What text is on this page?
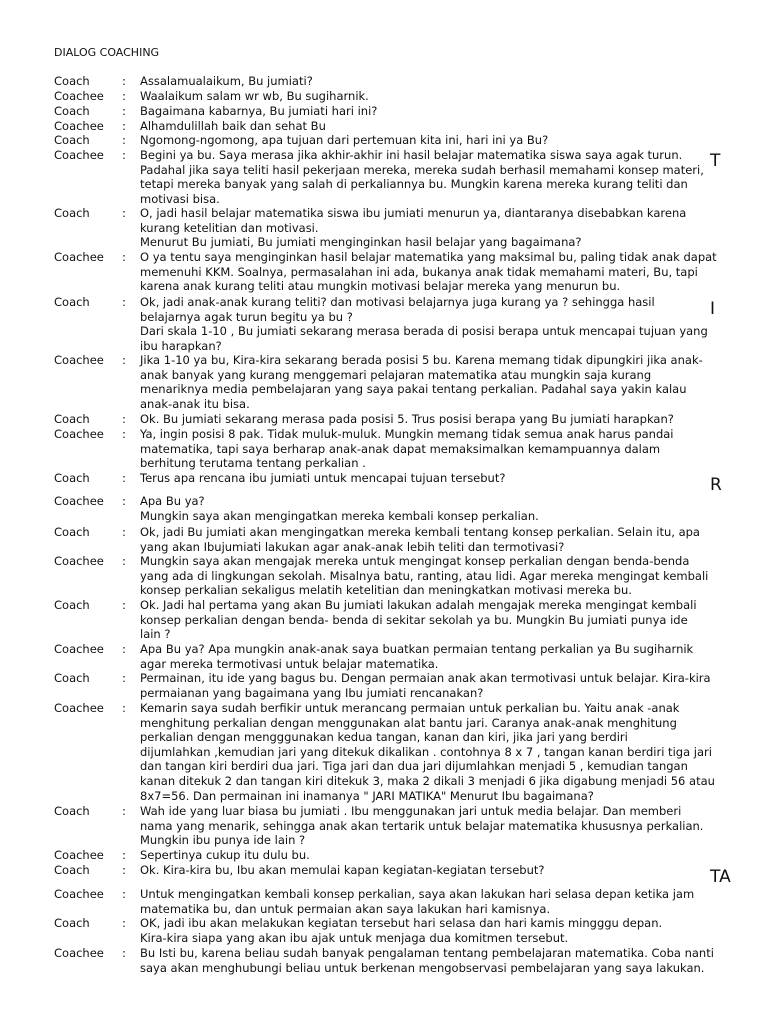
DIALOG COACHING
Coach	:	Assalamualaikum, Bu jumiati?
Coachee	:	Waalaikum salam wr wb, Bu sugiharnik.
Coach	:	Bagaimana kabarnya, Bu jumiati hari ini?
Coachee	:	Alhamdulillah baik dan sehat Bu
Coach	:	Ngomong-ngomong, apa tujuan dari pertemuan kita ini, hari ini ya Bu?
Coachee	:	Begini ya bu. Saya merasa jika akhir-akhir ini hasil belajar matematika siswa saya agak turun.
Padahal jika saya teliti hasil pekerjaan mereka, mereka sudah berhasil memahami konsep materi,
tetapi mereka banyak yang salah di perkaliannya bu. Mungkin karena mereka kurang teliti dan
motivasi bisa.
Coach	:	O, jadi hasil belajar matematika siswa ibu jumiati menurun ya, diantaranya disebabkan karena
kurang ketelitian dan motivasi.
Menurut Bu jumiati, Bu jumiati menginginkan hasil belajar yang bagaimana?
Coachee	:	O ya tentu saya menginginkan hasil belajar matematika yang maksimal bu, paling tidak anak dapat
memenuhi KKM. Soalnya, permasalahan ini ada, bukanya anak tidak memahami materi, Bu, tapi
karena anak kurang teliti atau mungkin motivasi belajar mereka yang menurun bu.
Coach	:	Ok, jadi anak-anak kurang teliti? dan motivasi belajarnya juga kurang ya ? sehingga hasil
belajarnya agak turun begitu ya bu ?
Dari skala 1-10 , Bu jumiati sekarang merasa berada di posisi berapa untuk mencapai tujuan yang
ibu harapkan?
Coachee	:	Jika 1-10 ya bu, Kira-kira sekarang berada posisi 5 bu. Karena memang tidak dipungkiri jika anak-
anak banyak yang kurang menggemari pelajaran matematika atau mungkin saja kurang
menariknya media pembelajaran yang saya pakai tentang perkalian. Padahal saya yakin kalau
anak-anak itu bisa.
Coach	:	Ok. Bu jumiati sekarang merasa pada posisi 5. Trus posisi berapa yang Bu jumiati harapkan?
Coachee	:	Ya, ingin posisi 8 pak. Tidak muluk-muluk. Mungkin memang tidak semua anak harus pandai
matematika, tapi saya berharap anak-anak dapat memaksimalkan kemampuannya dalam
berhitung terutama tentang perkalian .
Coach	:	Terus apa rencana ibu jumiati untuk mencapai tujuan tersebut?
Coachee	:	Apa Bu ya?
Mungkin saya akan mengingatkan mereka kembali konsep perkalian.
Coach	:	Ok, jadi Bu jumiati akan mengingatkan mereka kembali tentang konsep perkalian. Selain itu, apa
yang akan Ibujumiati lakukan agar anak-anak lebih teliti dan termotivasi?
Coachee	:	Mungkin saya akan mengajak mereka untuk mengingat konsep perkalian dengan benda-benda
yang ada di lingkungan sekolah. Misalnya batu, ranting, atau lidi. Agar mereka mengingat kembali
konsep perkalian sekaligus melatih ketelitian dan meningkatkan motivasi mereka bu.
Coach	:	Ok. Jadi hal pertama yang akan Bu jumiati lakukan adalah mengajak mereka mengingat kembali
konsep perkalian dengan benda- benda di sekitar sekolah ya bu. Mungkin Bu jumiati punya ide
lain ?
Coachee	:	Apa Bu ya? Apa mungkin anak-anak saya buatkan permaian tentang perkalian ya Bu sugiharnik
agar mereka termotivasi untuk belajar matematika.
Coach	:	Permainan, itu ide yang bagus bu. Dengan permaian anak akan termotivasi untuk belajar. Kira-kira
permaianan yang bagaimana yang Ibu jumiati rencanakan?
Coachee	:	Kemarin saya sudah berfikir untuk merancang permaian untuk perkalian bu. Yaitu anak -anak
menghitung perkalian dengan menggunakan alat bantu jari. Caranya anak-anak menghitung
perkalian dengan mengggunakan kedua tangan, kanan dan kiri, jika jari yang berdiri
dijumlahkan ,kemudian jari yang ditekuk dikalikan . contohnya 8 x 7 , tangan kanan berdiri tiga jari
dan tangan kiri berdiri dua jari. Tiga jari dan dua jari dijumlahkan menjadi 5 , kemudian tangan
kanan ditekuk 2 dan tangan kiri ditekuk 3, maka 2 dikali 3 menjadi 6 jika digabung menjadi 56 atau
8x7=56. Dan permainan ini inamanya " JARI MATIKA" Menurut Ibu bagaimana?
Coach	:	Wah ide yang luar biasa bu jumiati . Ibu menggunakan jari untuk media belajar. Dan memberi
nama yang menarik, sehingga anak akan tertarik untuk belajar matematika khususnya perkalian.
Mungkin ibu punya ide lain ?
Coachee	:	Sepertinya cukup itu dulu bu.
Coach	:	Ok. Kira-kira bu, Ibu akan memulai kapan kegiatan-kegiatan tersebut?
Coachee	:	Untuk mengingatkan kembali konsep perkalian, saya akan lakukan hari selasa depan ketika jam
matematika bu, dan untuk permaian akan saya lakukan hari kamisnya.
Coach	:	OK, jadi ibu akan melakukan kegiatan tersebut hari selasa dan hari kamis mingggu depan.
Kira-kira siapa yang akan ibu ajak untuk menjaga dua komitmen tersebut.
Coachee	:	Bu Isti bu, karena beliau sudah banyak pengalaman tentang pembelajaran matematika. Coba nanti
saya akan menghubungi beliau untuk berkenan mengobservasi pembelajaran yang saya lakukan.
T
I
R
TA
